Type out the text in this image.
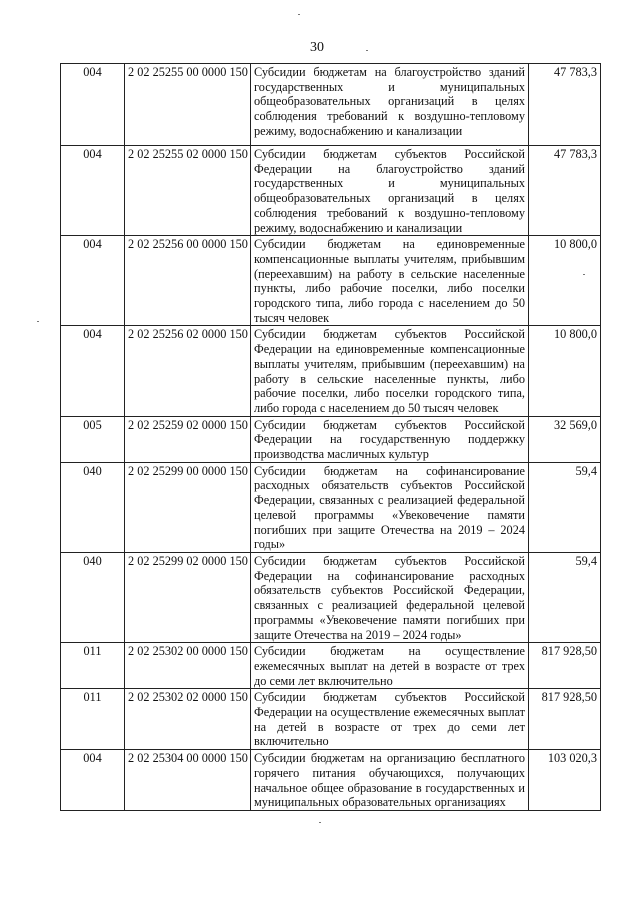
30
004	2 02 25255 00 0000 150	Субсидии бюджетам на благоустройство зданий государственных и муниципальных общеобразовательных организаций в целях соблюдения требований к воздушно-тепловому режиму, водоснабжению и канализации	47 783,3
004	2 02 25255 02 0000 150	Субсидии бюджетам субъектов Российской Федерации на благоустройство зданий государственных и муниципальных общеобразовательных организаций в целях соблюдения требований к воздушно-тепловому режиму, водоснабжению и канализации	47 783,3
004	2 02 25256 00 0000 150	Субсидии бюджетам на единовременные компенсационные выплаты учителям, прибывшим (переехавшим) на работу в сельские населенные пункты, либо рабочие поселки, либо поселки городского типа, либо города с населением до 50 тысяч человек	10 800,0
004	2 02 25256 02 0000 150	Субсидии бюджетам субъектов Российской Федерации на единовременные компенсационные выплаты учителям, прибывшим (переехавшим) на работу в сельские населенные пункты, либо рабочие поселки, либо поселки городского типа, либо города с населением до 50 тысяч человек	10 800,0
005	2 02 25259 02 0000 150	Субсидии бюджетам субъектов Российской Федерации на государственную поддержку производства масличных культур	32 569,0
040	2 02 25299 00 0000 150	Субсидии бюджетам на софинансирование расходных обязательств субъектов Российской Федерации, связанных с реализацией федеральной целевой программы «Увековечение памяти погибших при защите Отечества на 2019 – 2024 годы»	59,4
040	2 02 25299 02 0000 150	Субсидии бюджетам субъектов Российской Федерации на софинансирование расходных обязательств субъектов Российской Федерации, связанных с реализацией федеральной целевой программы «Увековечение памяти погибших при защите Отечества на 2019 – 2024 годы»	59,4
011	2 02 25302 00 0000 150	Субсидии бюджетам на осуществление ежемесячных выплат на детей в возрасте от трех до семи лет включительно	817 928,50
011	2 02 25302 02 0000 150	Субсидии бюджетам субъектов Российской Федерации на осуществление ежемесячных выплат на детей в возрасте от трех до семи лет включительно	817 928,50
004	2 02 25304 00 0000 150	Субсидии бюджетам на организацию бесплатного горячего питания обучающихся, получающих начальное общее образование в государственных и муниципальных образовательных организациях	103 020,3
